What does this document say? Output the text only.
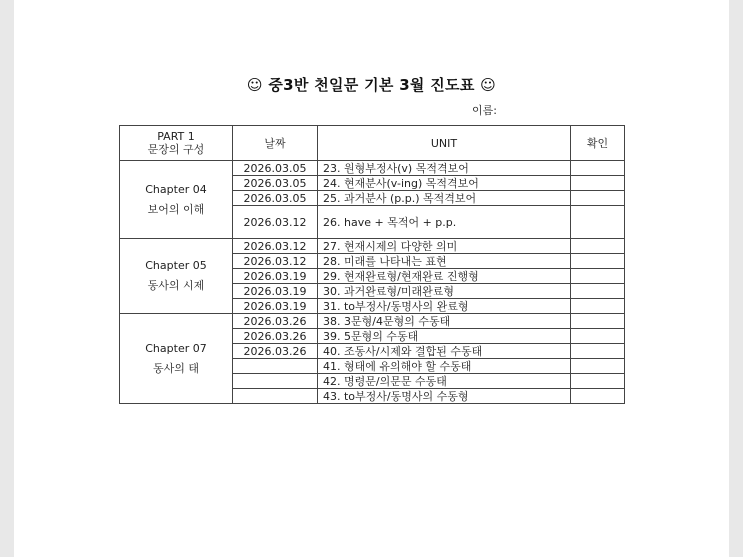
☺ 중3반 천일문 기본 3월 진도표 ☺
이름:
PART 1
문장의 구성	날짜	UNIT	확인

Chapter 04
보어의 이해	2026.03.05	23. 원형부정사(v) 목적격보어	
	2026.03.05	24. 현재분사(v-ing) 목적격보어	
	2026.03.05	25. 과거분사 (p.p.) 목적격보어	
	2026.03.12	26. have + 목적어 + p.p.	

Chapter 05
동사의 시제	2026.03.12	27. 현재시제의 다양한 의미	
	2026.03.12	28. 미래를 나타내는 표현	
	2026.03.19	29. 현재완료형/현재완료 진행형	
	2026.03.19	30. 과거완료형/미래완료형	
	2026.03.19	31. to부정사/동명사의 완료형	

Chapter 07
동사의 태	2026.03.26	38. 3문형/4문형의 수동태	
	2026.03.26	39. 5문형의 수동태	
	2026.03.26	40. 조동사/시제와 결합된 수동태	
		41. 형태에 유의해야 할 수동태	
		42. 명령문/의문문 수동태	
		43. to부정사/동명사의 수동형	
